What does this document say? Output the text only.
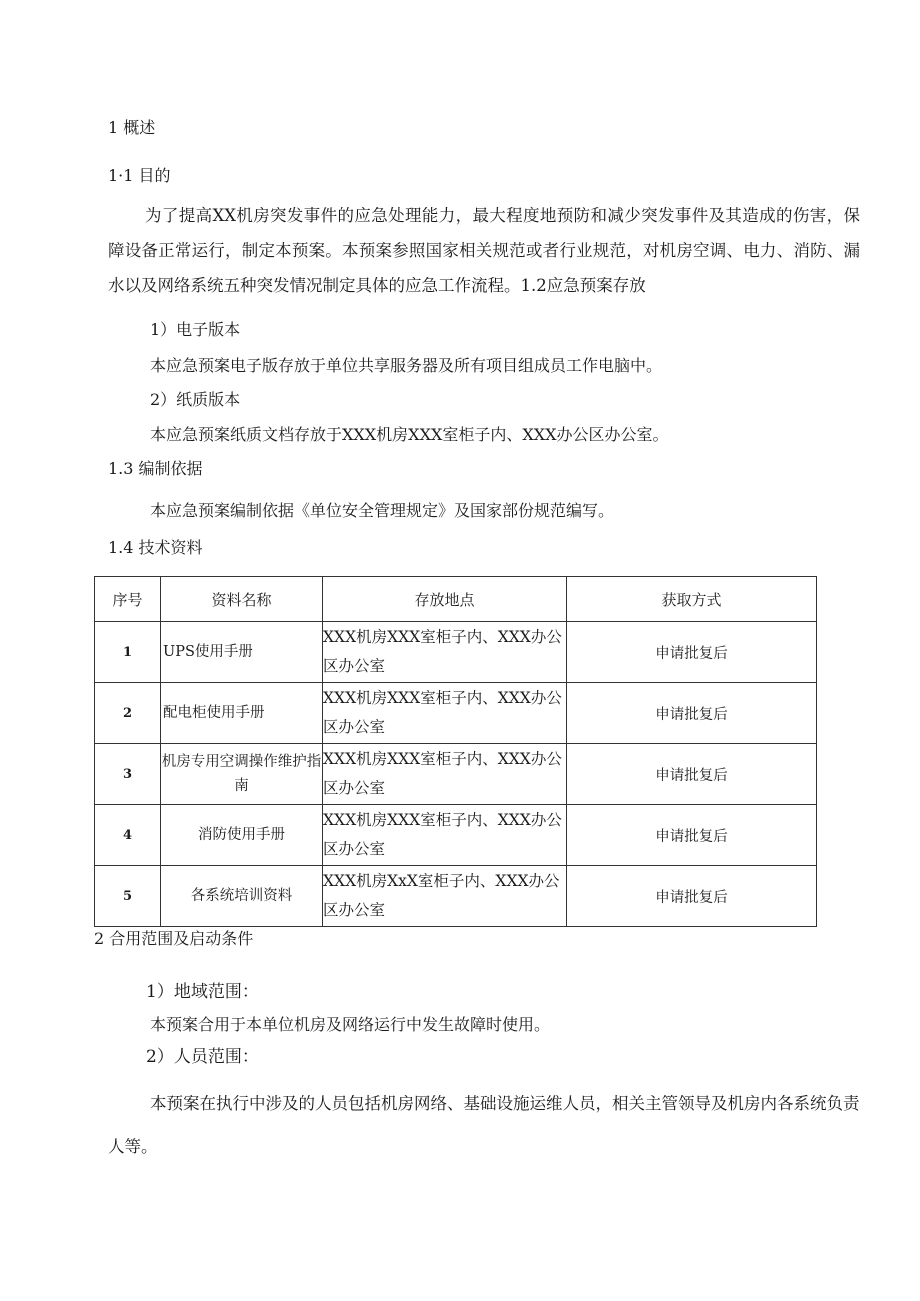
1 概述

1·1 目的

为了提高XX机房突发事件的应急处理能力，最大程度地预防和减少突发事件及其造成的伤害，保障设备正常运行，制定本预案。本预案参照国家相关规范或者行业规范，对机房空调、电力、消防、漏水以及网络系统五种突发情况制定具体的应急工作流程。1.2应急预案存放

1）电子版本

本应急预案电子版存放于单位共享服务器及所有项目组成员工作电脑中。

2）纸质版本

本应急预案纸质文档存放于XXX机房XXX室柜子内、XXX办公区办公室。

1.3 编制依据

本应急预案编制依据《单位安全管理规定》及国家部份规范编写。

1.4 技术资料

序号	资料名称	存放地点	获取方式
1	UPS使用手册	XXX机房XXX室柜子内、XXX办公区办公室	申请批复后
2	配电柜使用手册	XXX机房XXX室柜子内、XXX办公区办公室	申请批复后
3	机房专用空调操作维护指南	XXX机房XXX室柜子内、XXX办公区办公室	申请批复后
4	消防使用手册	XXX机房XXX室柜子内、XXX办公区办公室	申请批复后
5	各系统培训资料	XXX机房XxX室柜子内、XXX办公区办公室	申请批复后

2 合用范围及启动条件

1）地域范围：

本预案合用于本单位机房及网络运行中发生故障时使用。

2）人员范围：

本预案在执行中涉及的人员包括机房网络、基础设施运维人员，相关主管领导及机房内各系统负责人等。
